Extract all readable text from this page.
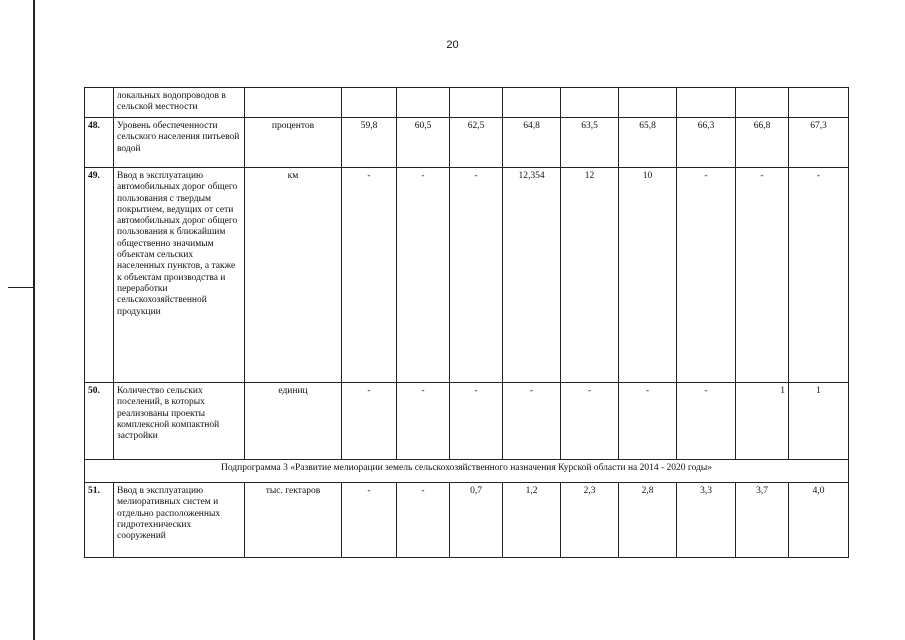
20
	локальных водопроводов в сельской местности										
48.	Уровень обеспеченности сельского населения питьевой водой	процентов	59,8	60,5	62,5	64,8	63,5	65,8	66,3	66,8	67,3
49.	Ввод в эксплуатацию автомобильных дорог общего пользования с твердым покрытием, ведущих от сети автомобильных дорог общего пользования к ближайшим общественно значимым объектам сельских населенных пунктов, а также к объектам производства и переработки сельскохозяйственной продукции	км	-	-	-	12,354	12	10	-	-	-
50.	Количество сельских поселений, в которых реализованы проекты комплексной компактной застройки	единиц	-	-	-	-	-	-	-	1	1
Подпрограмма 3 «Развитие мелиорации земель сельскохозяйственного назначения Курской области на 2014 - 2020 годы»											
51.	Ввод в эксплуатацию мелиоративных систем и отдельно расположенных гидротехнических сооружений	тыс. гектаров	-	-	0,7	1,2	2,3	2,8	3,3	3,7	4,0
